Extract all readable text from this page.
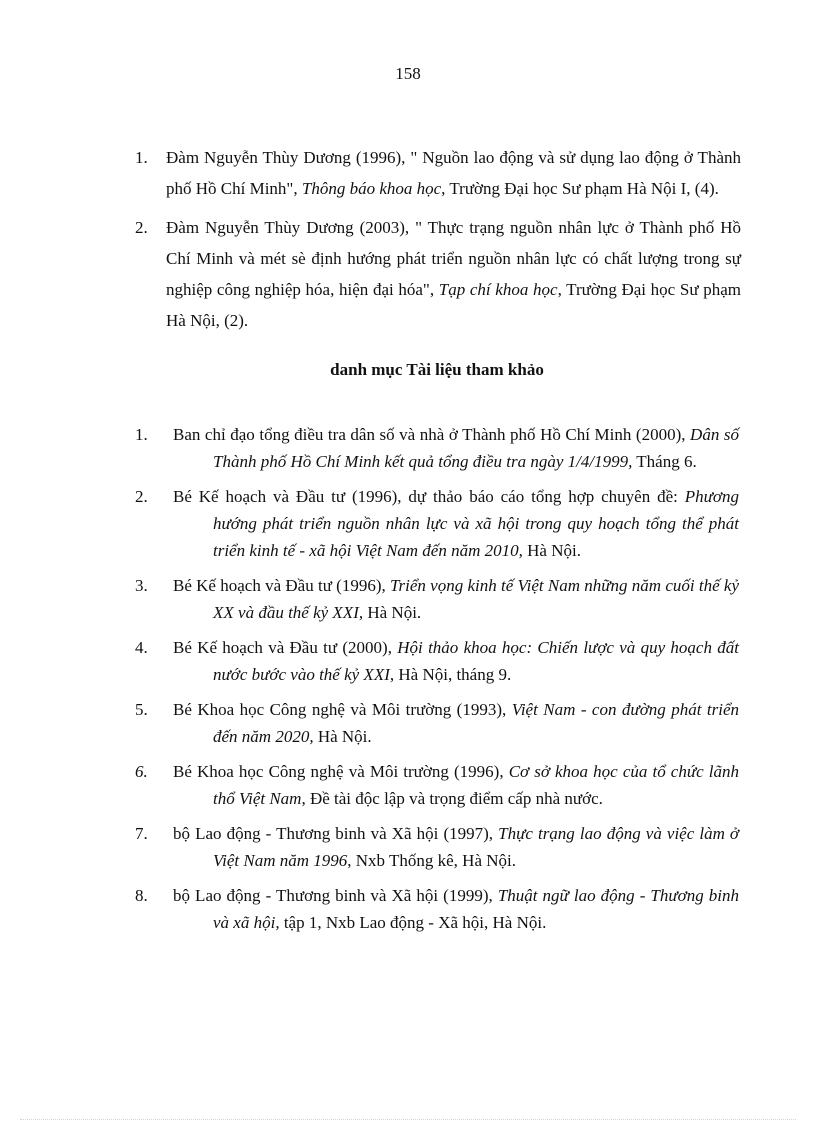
158
1.	Đàm Nguyễn Thùy Dương (1996), " Nguồn lao động và sử dụng lao động ở Thành phố Hồ Chí Minh", Thông báo khoa học, Trường Đại học Sư phạm Hà Nội I, (4).
2.	Đàm Nguyễn Thùy Dương (2003), " Thực trạng nguồn nhân lực ở Thành phố Hồ Chí Minh và mét sè định hướng phát triển nguồn nhân lực có chất lượng trong sự nghiệp công nghiệp hóa, hiện đại hóa", Tạp chí khoa học, Trường Đại học Sư phạm Hà Nội, (2).
danh mục Tài liệu tham khảo
1.	Ban chỉ đạo tổng điều tra dân số và nhà ở Thành phố Hồ Chí Minh (2000), Dân số Thành phố Hồ Chí Minh kết quả tổng điều tra ngày 1/4/1999, Tháng 6.
2.	Bé Kế hoạch và Đầu tư (1996), dự thảo báo cáo tổng hợp chuyên đề: Phương hướng phát triển nguồn nhân lực và xã hội trong quy hoạch tổng thể phát triển kinh tế - xã hội Việt Nam đến năm 2010, Hà Nội.
3.	Bé Kế hoạch và Đầu tư (1996), Triển vọng kinh tế Việt Nam những năm cuối thế kỷ XX và đầu thế kỷ XXI, Hà Nội.
4.	Bé Kế hoạch và Đầu tư (2000), Hội thảo khoa học: Chiến lược và quy hoạch đất nước bước vào thế kỷ XXI, Hà Nội, tháng 9.
5.	Bé Khoa học Công nghệ và Môi trường (1993), Việt Nam - con đường phát triển đến năm 2020, Hà Nội.
6.	Bé Khoa học Công nghệ và Môi trường (1996), Cơ sở khoa học của tổ chức lãnh thổ Việt Nam, Đề tài độc lập và trọng điểm cấp nhà nước.
7.	bộ Lao động - Thương binh và Xã hội (1997), Thực trạng lao động và việc làm ở Việt Nam năm 1996, Nxb Thống kê, Hà Nội.
8.	bộ Lao động - Thương binh và Xã hội (1999), Thuật ngữ lao động - Thương binh và xã hội, tập 1, Nxb Lao động - Xã hội, Hà Nội.
